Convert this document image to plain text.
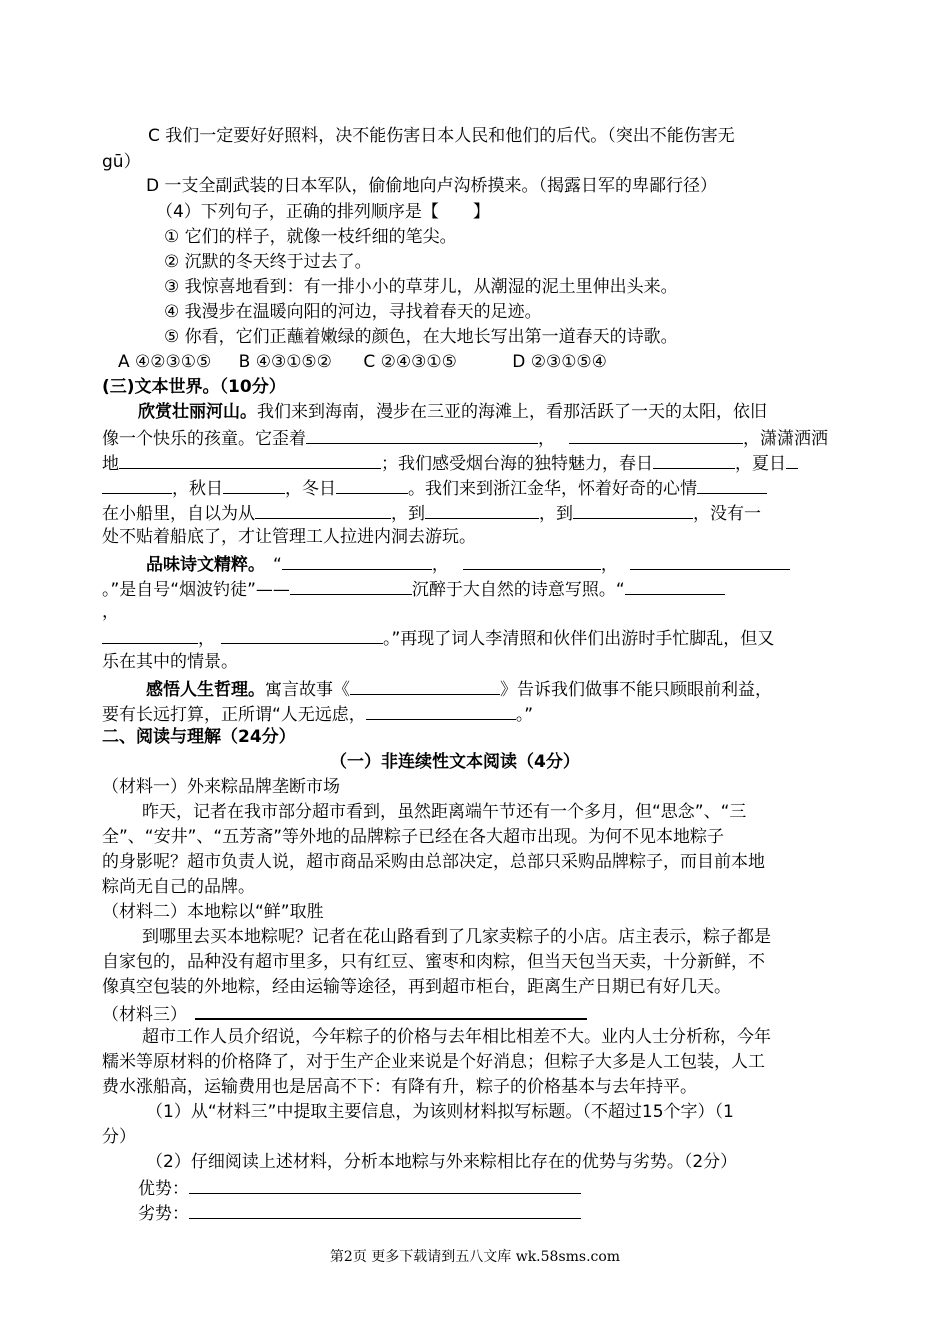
C 我们一定要好好照料，决不能伤害日本人民和他们的后代。（突出不能伤害无
gū）
D 一支全副武装的日本军队，偷偷地向卢沟桥摸来。（揭露日军的卑鄙行径）
（4）下列句子，正确的排列顺序是【　　】
① 它们的样子，就像一枝纤细的笔尖。
② 沉默的冬天终于过去了。
③ 我惊喜地看到：有一排小小的草芽儿，从潮湿的泥土里伸出头来。
④ 我漫步在温暖向阳的河边，寻找着春天的足迹。
⑤ 你看，它们正蘸着嫩绿的颜色，在大地长写出第一道春天的诗歌。
A ④②③①⑤ B ④③①⑤② C ②④③①⑤	D ②③①⑤④
(三)文本世界。（10分）
欣赏壮丽河山。我们来到海南，漫步在三亚的海滩上，看那活跃了一天的太阳，依旧
像一个快乐的孩童。它歪着	，	，潇潇洒洒
地	；我们感受烟台海的独特魅力，春日	，夏日
，秋日	，冬日	。我们来到浙江金华，怀着好奇的心情
在小船里，自以为从	，到	，到	，没有一
处不贴着船底了，才让管理工人拉进内洞去游玩。
品味诗文精粹。 “	，	，
。”是自号“烟波钓徒”——	沉醉于大自然的诗意写照。“
，
，	。”再现了词人李清照和伙伴们出游时手忙脚乱，但又
乐在其中的情景。
感悟人生哲理。寓言故事《	》告诉我们做事不能只顾眼前利益，
要有长远打算，正所谓“人无远虑，	。”
二、阅读与理解（24分）
（一）非连续性文本阅读（4分）
（材料一）外来粽品牌垄断市场
昨天，记者在我市部分超市看到，虽然距离端午节还有一个多月，但“思念”、“三
全”、“安井”、“五芳斋”等外地的品牌粽子已经在各大超市出现。为何不见本地粽子
的身影呢？超市负责人说，超市商品采购由总部决定，总部只采购品牌粽子，而目前本地
粽尚无自己的品牌。
（材料二）本地粽以“鲜”取胜
到哪里去买本地粽呢？记者在花山路看到了几家卖粽子的小店。店主表示，粽子都是
自家包的，品种没有超市里多，只有红豆、蜜枣和肉粽，但当天包当天卖，十分新鲜，不
像真空包装的外地粽，经由运输等途径，再到超市柜台，距离生产日期已有好几天。
（材料三）
超市工作人员介绍说，今年粽子的价格与去年相比相差不大。业内人士分析称，今年
糯米等原材料的价格降了，对于生产企业来说是个好消息；但粽子大多是人工包装，人工
费水涨船高，运输费用也是居高不下：有降有升，粽子的价格基本与去年持平。
（1）从“材料三”中提取主要信息，为该则材料拟写标题。（不超过15个字）（1
分）
（2）仔细阅读上述材料，分析本地粽与外来粽相比存在的优势与劣势。（2分）
优势：
劣势：
第2页 更多下载请到五八文库 wk.58sms.com
